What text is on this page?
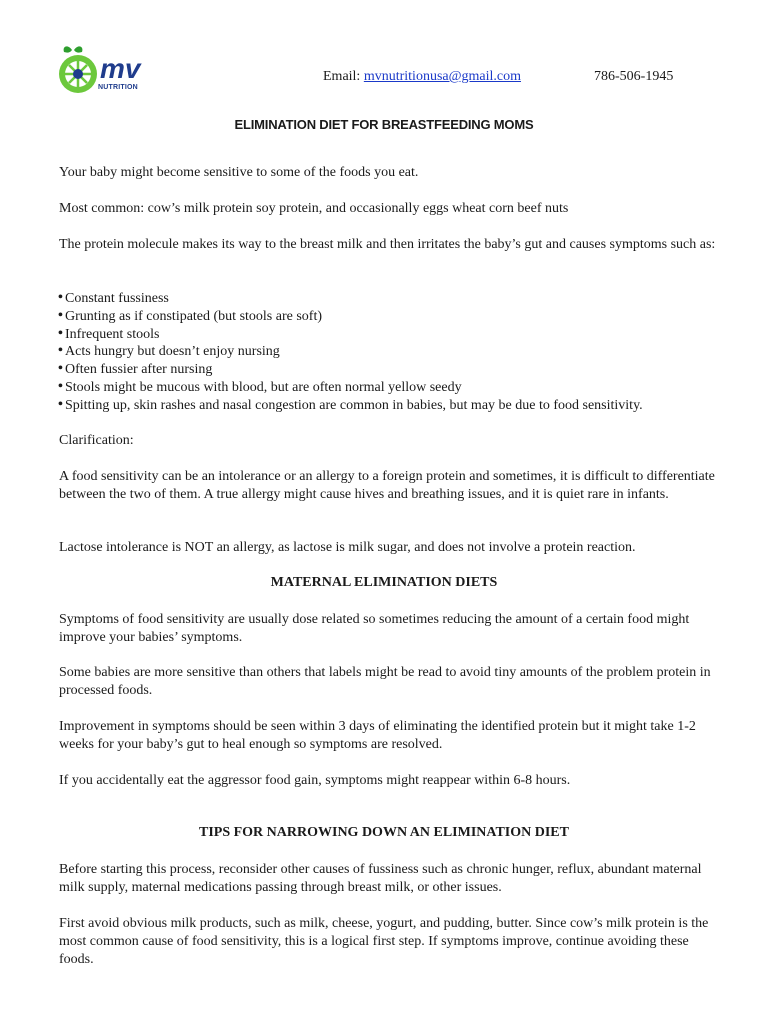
mv
NUTRITION
Email: mvnutritionusa@gmail.com	786-506-1945
ELIMINATION DIET FOR BREASTFEEDING MOMS

Your baby might become sensitive to some of the foods you eat.

Most common: cow’s milk protein soy protein, and occasionally eggs wheat corn beef nuts

The protein molecule makes its way to the breast milk and then irritates the baby’s gut and causes symptoms such as:

• Constant fussiness
• Grunting as if constipated (but stools are soft)
• Infrequent stools
• Acts hungry but doesn’t enjoy nursing
• Often fussier after nursing
• Stools might be mucous with blood, but are often normal yellow seedy
• Spitting up, skin rashes and nasal congestion are common in babies, but may be due to food sensitivity.

Clarification:

A food sensitivity can be an intolerance or an allergy to a foreign protein and sometimes, it is difficult to differentiate between the two of them. A true allergy might cause hives and breathing issues, and it is quiet rare in infants.

Lactose intolerance is NOT an allergy, as lactose is milk sugar, and does not involve a protein reaction.

MATERNAL ELIMINATION DIETS

Symptoms of food sensitivity are usually dose related so sometimes reducing the amount of a certain food might improve your babies’ symptoms.

Some babies are more sensitive than others that labels might be read to avoid tiny amounts of the problem protein in processed foods.

Improvement in symptoms should be seen within 3 days of eliminating the identified protein but it might take 1-2 weeks for your baby’s gut to heal enough so symptoms are resolved.

If you accidentally eat the aggressor food gain, symptoms might reappear within 6-8 hours.

TIPS FOR NARROWING DOWN AN ELIMINATION DIET

Before starting this process, reconsider other causes of fussiness such as chronic hunger, reflux, abundant maternal milk supply, maternal medications passing through breast milk, or other issues.

First avoid obvious milk products, such as milk, cheese, yogurt, and pudding, butter. Since cow’s milk protein is the most common cause of food sensitivity, this is a logical first step. If symptoms improve, continue avoiding these foods.
